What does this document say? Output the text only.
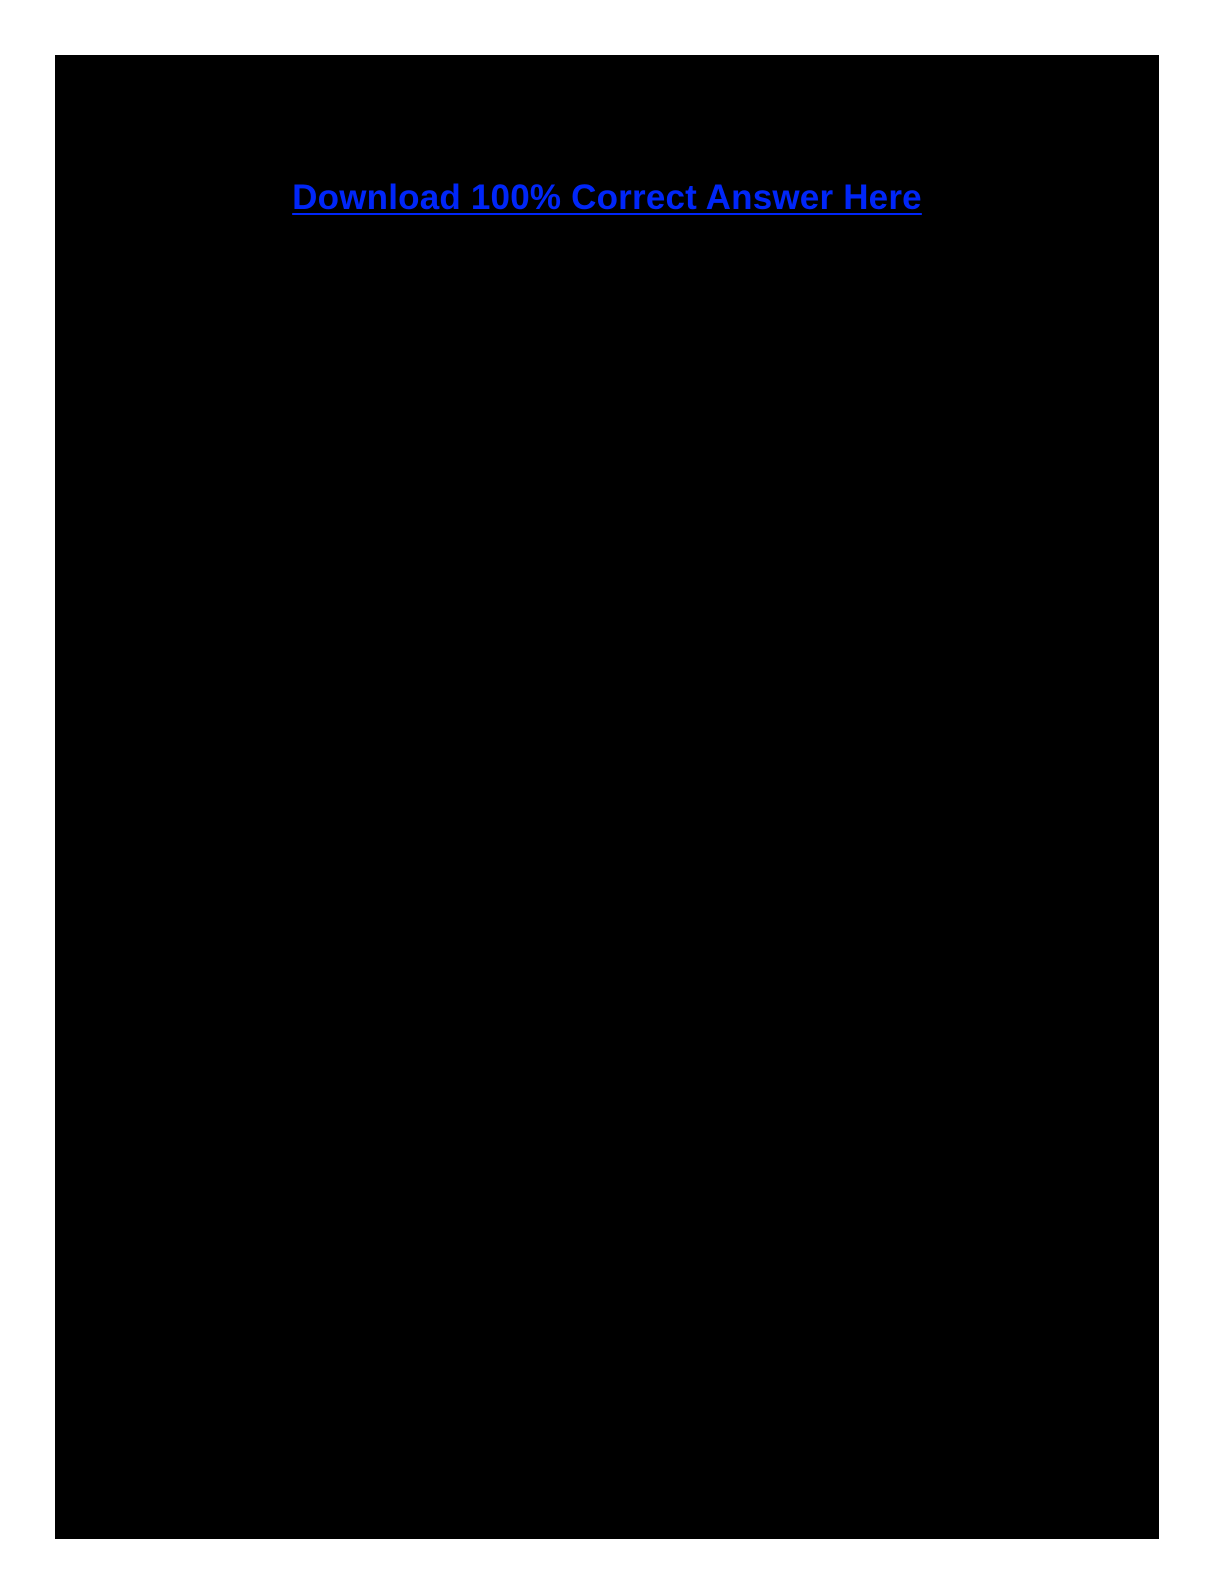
Download 100% Correct Answer Here
